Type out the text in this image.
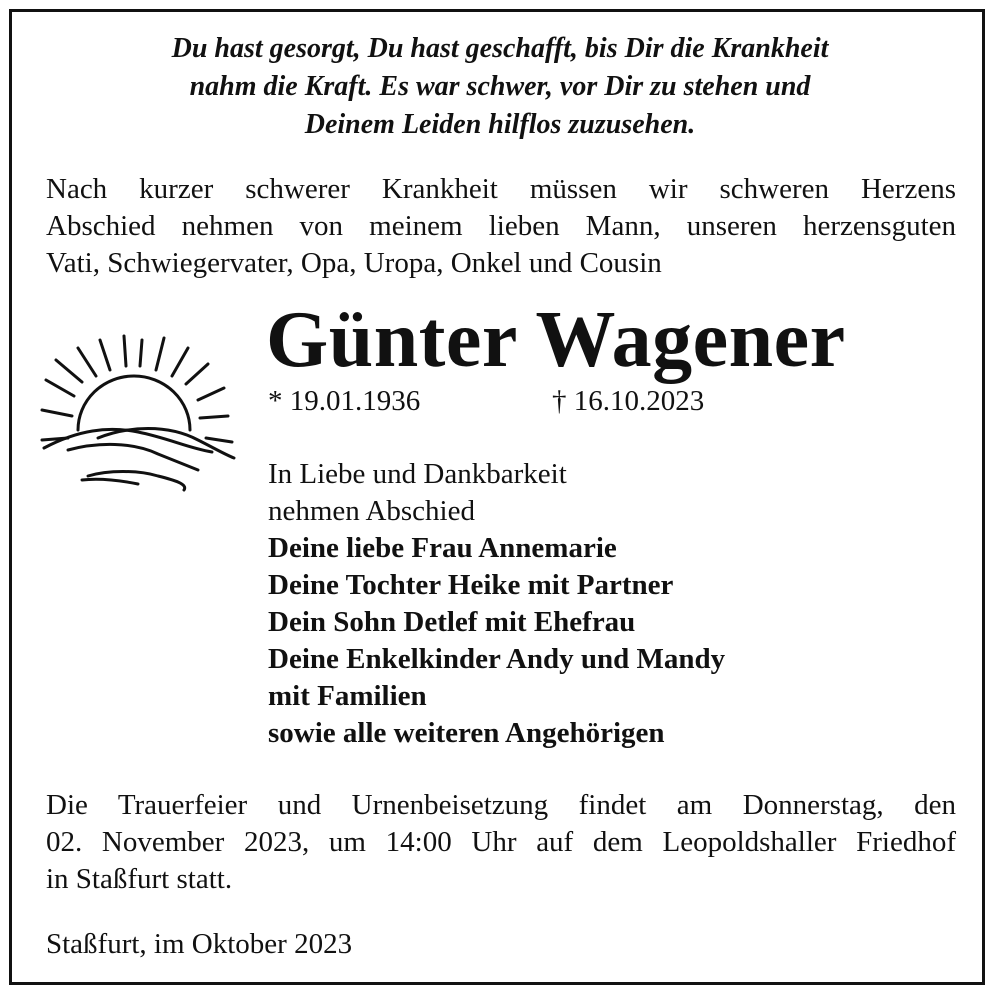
Du hast gesorgt, Du hast geschafft, bis Dir die Krankheit
nahm die Kraft. Es war schwer, vor Dir zu stehen und
Deinem Leiden hilflos zuzusehen.
Nach kurzer schwerer Krankheit müssen wir schweren Herzens
Abschied nehmen von meinem lieben Mann, unseren herzensguten
Vati, Schwiegervater, Opa, Uropa, Onkel und Cousin
Günter Wagener
* 19.01.1936	† 16.10.2023
In Liebe und Dankbarkeit
nehmen Abschied
Deine liebe Frau Annemarie
Deine Tochter Heike mit Partner
Dein Sohn Detlef mit Ehefrau
Deine Enkelkinder Andy und Mandy
mit Familien
sowie alle weiteren Angehörigen
Die Trauerfeier und Urnenbeisetzung findet am Donnerstag, den
02. November 2023, um 14:00 Uhr auf dem Leopoldshaller Friedhof
in Staßfurt statt.
Staßfurt, im Oktober 2023
